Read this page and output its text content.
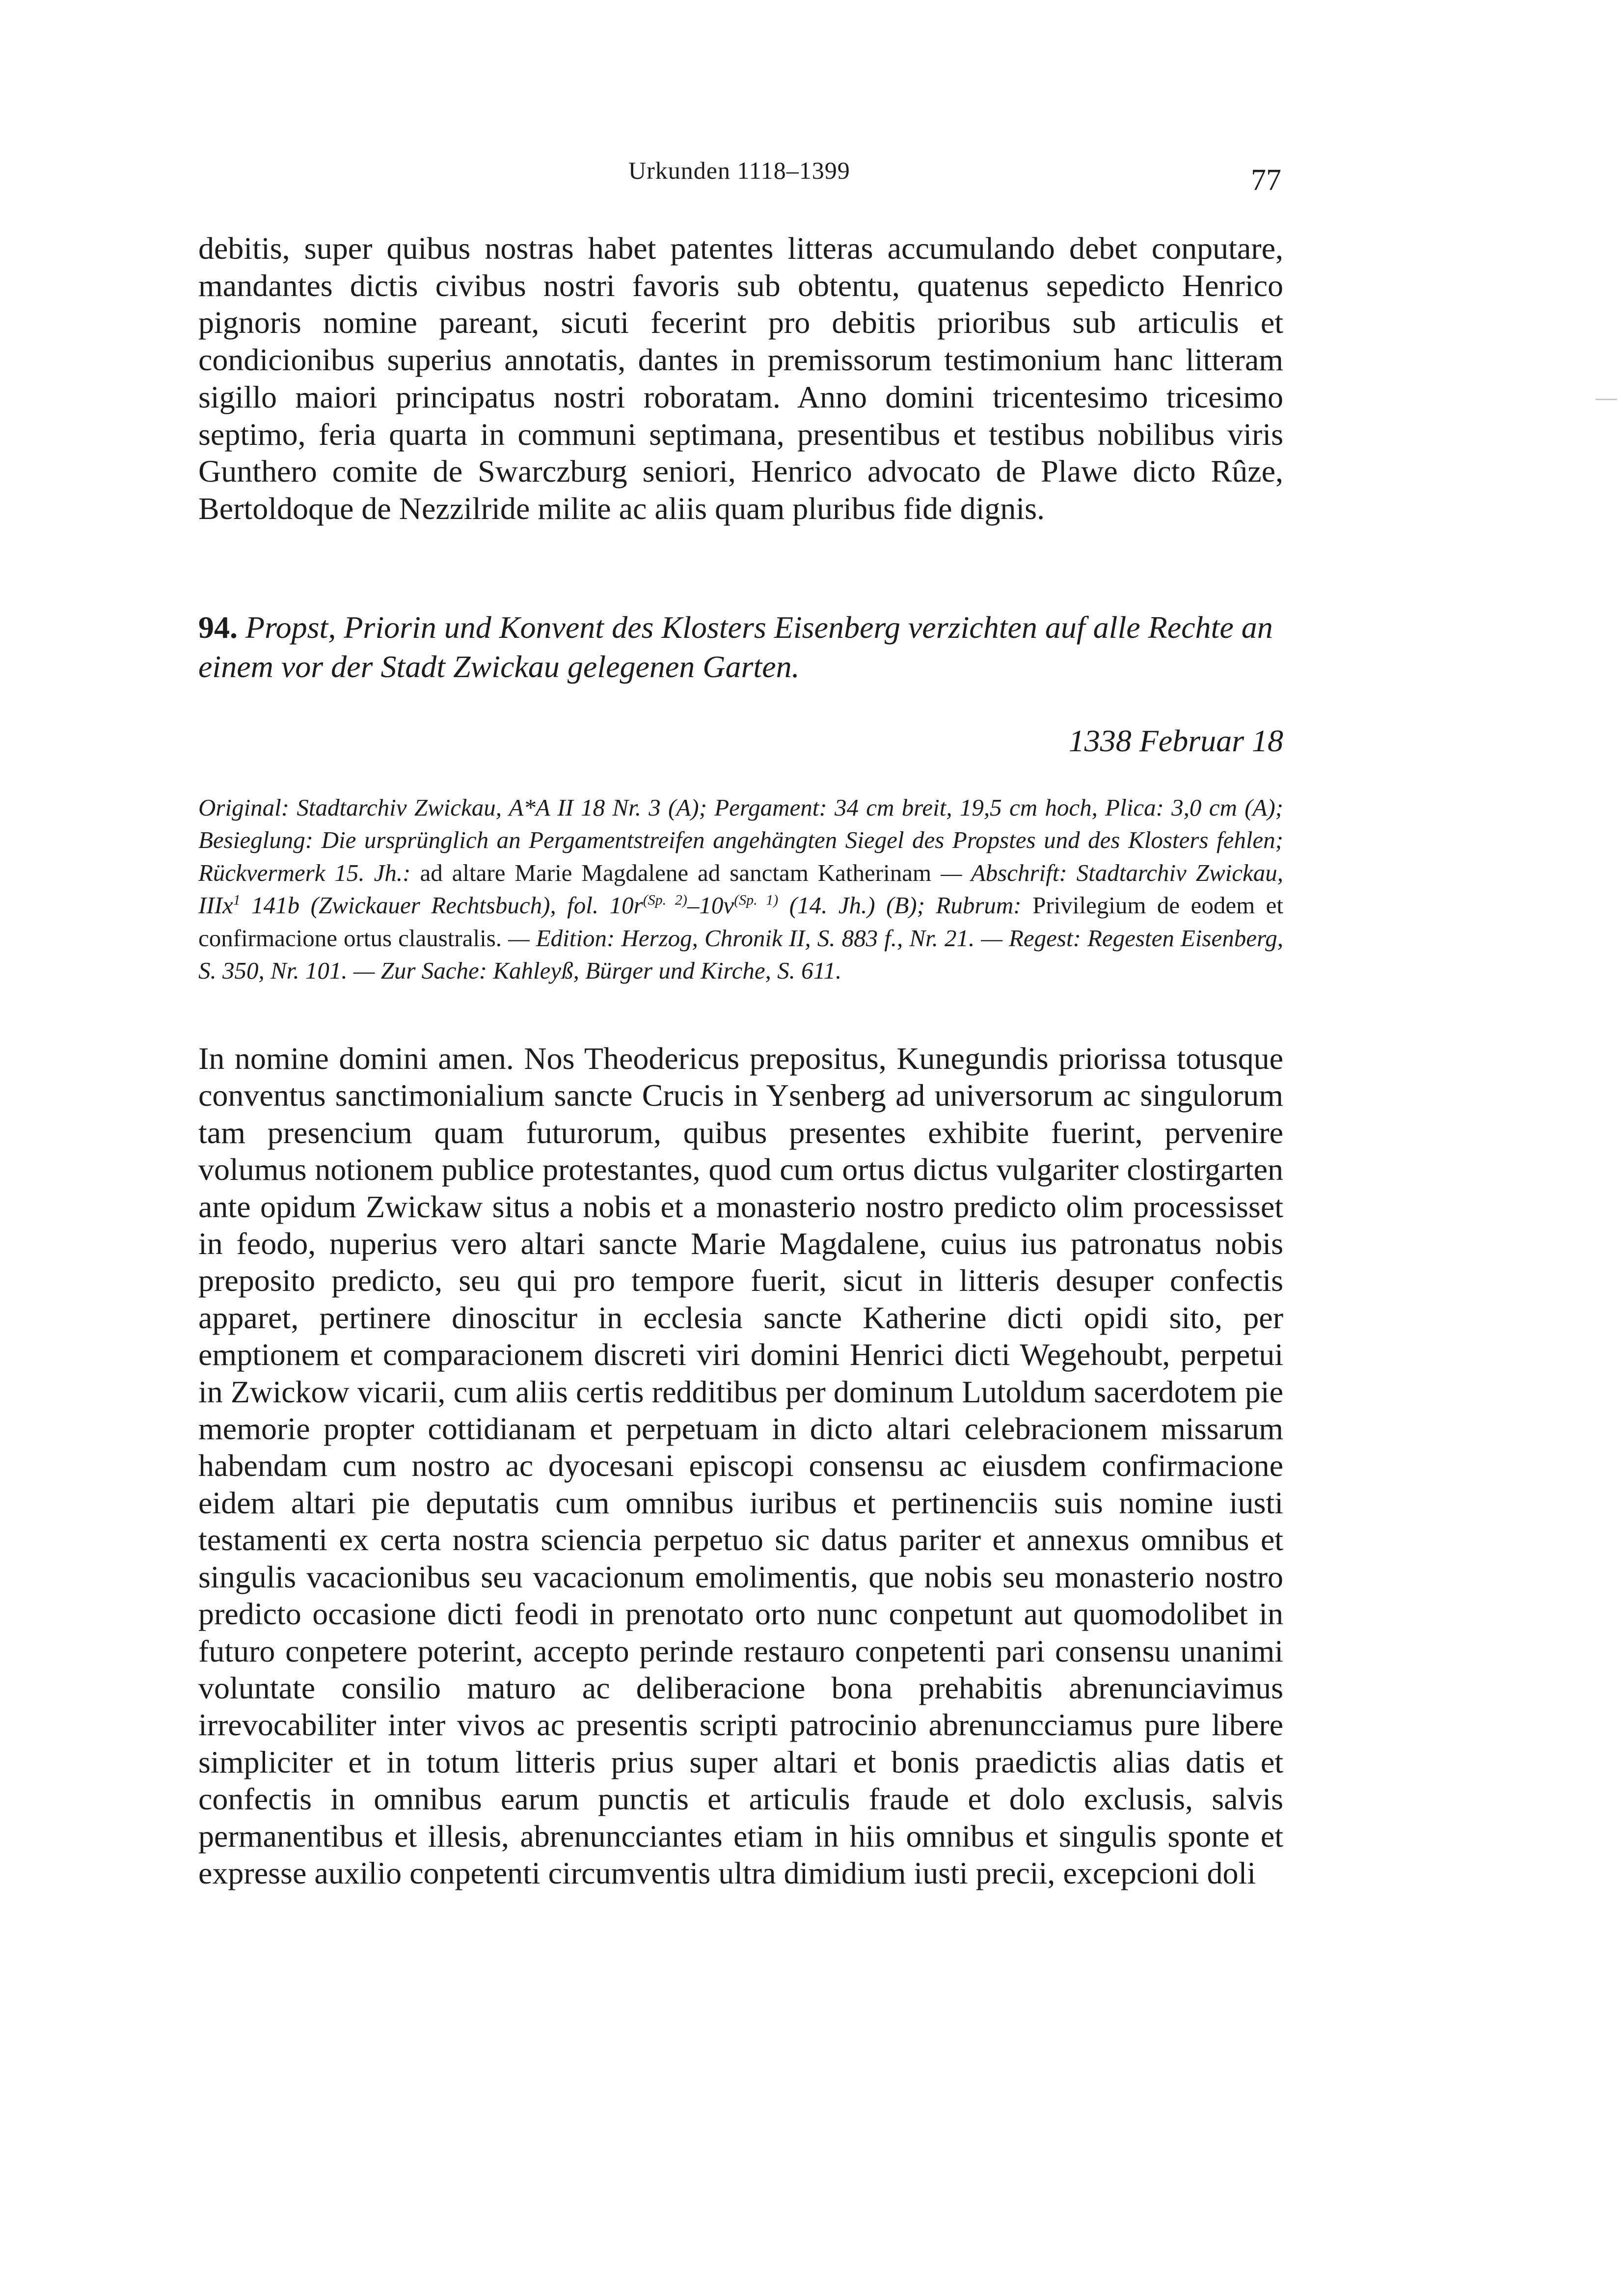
Urkunden 1118–1399	77

debitis, super quibus nostras habet patentes litteras accumulando debet conputare, mandantes dictis civibus nostri favoris sub obtentu, quatenus sepedicto Henrico pignoris nomine pareant, sicuti fecerint pro debitis prioribus sub articulis et condicionibus superius annotatis, dantes in premissorum testimonium hanc litteram sigillo maiori principatus nostri roboratam. Anno domini tricentesimo tricesimo septimo, feria quarta in communi septimana, presentibus et testibus nobilibus viris Gunthero comite de Swarczburg seniori, Henrico advocato de Plawe dicto Rûze, Bertoldoque de Nezzilride milite ac aliis quam pluribus fide dignis.

94. Propst, Priorin und Konvent des Klosters Eisenberg verzichten auf alle Rechte an einem vor der Stadt Zwickau gelegenen Garten.

1338 Februar 18

Original: Stadtarchiv Zwickau, A*A II 18 Nr. 3 (A); Pergament: 34 cm breit, 19,5 cm hoch, Plica: 3,0 cm (A); Besieglung: Die ursprünglich an Pergamentstreifen angehängten Siegel des Propstes und des Klosters fehlen; Rückvermerk 15. Jh.: ad altare Marie Magdalene ad sanctam Katherinam — Abschrift: Stadtarchiv Zwickau, IIIx$^1$ 141b (Zwickauer Rechtsbuch), fol. $10r^{(Sp. 2)}-10v^{(Sp. 1)}$ (14. Jh.) (B); Rubrum: Privilegium de eodem et confirmacione ortus claustralis. — Edition: Herzog, Chronik II, S. 883 f., Nr. 21. — Regest: Regesten Eisenberg, S. 350, Nr. 101. — Zur Sache: Kahleyß, Bürger und Kirche, S. 611.

In nomine domini amen. Nos Theodericus prepositus, Kunegundis priorissa totusque conventus sanctimonialium sancte Crucis in Ysenberg ad universorum ac singulorum tam presencium quam futurorum, quibus presentes exhibite fuerint, pervenire volumus notionem publice protestantes, quod cum ortus dictus vulgariter clostirgarten ante opidum Zwickaw situs a nobis et a monasterio nostro predicto olim processisset in feodo, nuperius vero altari sancte Marie Magdalene, cuius ius patronatus nobis preposito predicto, seu qui pro tempore fuerit, sicut in litteris desuper confectis apparet, pertinere dinoscitur in ecclesia sancte Katherine dicti opidi sito, per emptionem et comparacionem discreti viri domini Henrici dicti Wegehoubt, perpetui in Zwickow vicarii, cum aliis certis redditibus per dominum Lutoldum sacerdotem pie memorie propter cottidianam et perpetuam in dicto altari celebracionem missarum habendam cum nostro ac dyocesani episcopi consensu ac eiusdem confirmacione eidem altari pie deputatis cum omnibus iuribus et pertinenciis suis nomine iusti testamenti ex certa nostra sciencia perpetuo sic datus pariter et annexus omnibus et singulis vacacionibus seu vacacionum emolimentis, que nobis seu monasterio nostro predicto occasione dicti feodi in prenotato orto nunc conpetunt aut quomodolibet in futuro conpetere poterint, accepto perinde restauro conpetenti pari consensu unanimi voluntate consilio maturo ac deliberacione bona prehabitis abrenunciavimus irrevocabiliter inter vivos ac presentis scripti patrocinio abrenuncciamus pure libere simpliciter et in totum litteris prius super altari et bonis praedictis alias datis et confectis in omnibus earum punctis et articulis fraude et dolo exclusis, salvis permanentibus et illesis, abrenuncciantes etiam in hiis omnibus et singulis sponte et expresse auxilio conpetenti circumventis ultra dimidium iusti precii, excepcioni doli
